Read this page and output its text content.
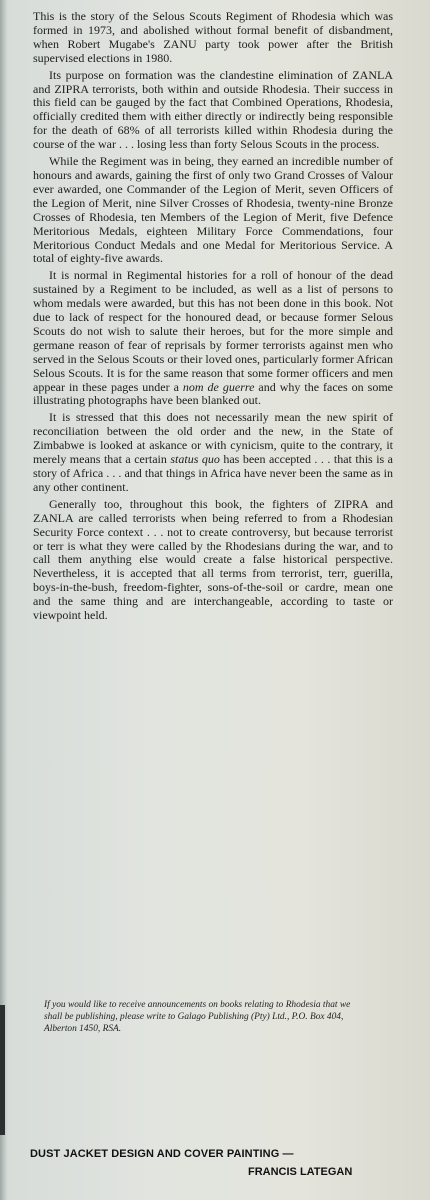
This is the story of the Selous Scouts Regiment of Rhodesia which was formed in 1973, and abolished without formal benefit of disbandment, when Robert Mugabe's ZANU party took power after the British supervised elections in 1980.

Its purpose on formation was the clandestine elimination of ZANLA and ZIPRA terrorists, both within and outside Rhodesia. Their success in this field can be gauged by the fact that Combined Operations, Rhodesia, officially credited them with either directly or indirectly being responsible for the death of 68% of all terrorists killed within Rhodesia during the course of the war . . . losing less than forty Selous Scouts in the process.

While the Regiment was in being, they earned an incredible number of honours and awards, gaining the first of only two Grand Crosses of Valour ever awarded, one Commander of the Legion of Merit, seven Officers of the Legion of Merit, nine Silver Crosses of Rhodesia, twenty-nine Bronze Crosses of Rhodesia, ten Members of the Legion of Merit, five Defence Meritorious Medals, eighteen Military Force Commendations, four Meritorious Conduct Medals and one Medal for Meritorious Service. A total of eighty-five awards.

It is normal in Regimental histories for a roll of honour of the dead sustained by a Regiment to be included, as well as a list of persons to whom medals were awarded, but this has not been done in this book. Not due to lack of respect for the honoured dead, or because former Selous Scouts do not wish to salute their heroes, but for the more simple and germane reason of fear of reprisals by former terrorists against men who served in the Selous Scouts or their loved ones, particularly former African Selous Scouts. It is for the same reason that some former officers and men appear in these pages under a nom de guerre and why the faces on some illustrating photographs have been blanked out.

It is stressed that this does not necessarily mean the new spirit of reconciliation between the old order and the new, in the State of Zimbabwe is looked at askance or with cynicism, quite to the contrary, it merely means that a certain status quo has been accepted . . . that this is a story of Africa . . . and that things in Africa have never been the same as in any other continent.

Generally too, throughout this book, the fighters of ZIPRA and ZANLA are called terrorists when being referred to from a Rhodesian Security Force context . . . not to create controversy, but because terrorist or terr is what they were called by the Rhodesians during the war, and to call them anything else would create a false historical perspective. Nevertheless, it is accepted that all terms from terrorist, terr, guerilla, boys-in-the-bush, freedom-fighter, sons-of-the-soil or cardre, mean one and the same thing and are interchangeable, according to taste or viewpoint held.

If you would like to receive announcements on books relating to Rhodesia that we shall be publishing, please write to Galago Publishing (Pty) Ltd., P.O. Box 404, Alberton 1450, RSA.
DUST JACKET DESIGN AND COVER PAINTING —
FRANCIS LATEGAN
